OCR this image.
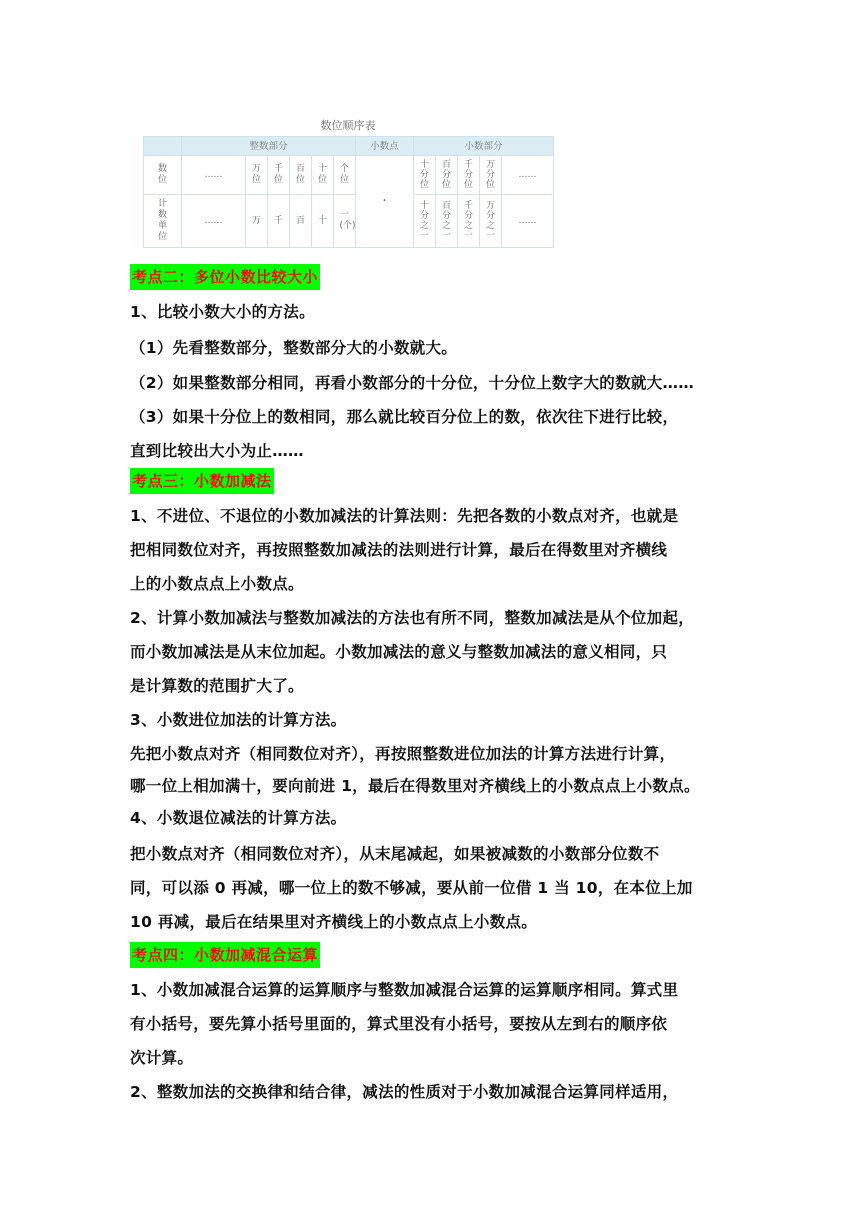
数位顺序表
	整数部分						小数点	小数部分				
数位	……	万位	千位	百位	十位	个位	·	十分位	百分位	千分位	万分位	……
计数单位	……	万	千	百	十	一(个)		十分之一	百分之一	千分之一	万分之一	……
考点二：多位小数比较大小
1、比较小数大小的方法。
（1）先看整数部分，整数部分大的小数就大。
（2）如果整数部分相同，再看小数部分的十分位，十分位上数字大的数就大……
（3）如果十分位上的数相同，那么就比较百分位上的数，依次往下进行比较，
直到比较出大小为止……
考点三：小数加减法
1、不进位、不退位的小数加减法的计算法则：先把各数的小数点对齐，也就是
把相同数位对齐，再按照整数加减法的法则进行计算，最后在得数里对齐横线
上的小数点点上小数点。
2、计算小数加减法与整数加减法的方法也有所不同，整数加减法是从个位加起，
而小数加减法是从末位加起。小数加减法的意义与整数加减法的意义相同，只
是计算数的范围扩大了。
3、小数进位加法的计算方法。
先把小数点对齐（相同数位对齐），再按照整数进位加法的计算方法进行计算，
哪一位上相加满十，要向前进 1，最后在得数里对齐横线上的小数点点上小数点。
4、小数退位减法的计算方法。
把小数点对齐（相同数位对齐），从末尾减起，如果被减数的小数部分位数不
同，可以添 0 再减，哪一位上的数不够减，要从前一位借 1 当 10，在本位上加
10 再减，最后在结果里对齐横线上的小数点点上小数点。
考点四：小数加减混合运算
1、小数加减混合运算的运算顺序与整数加减混合运算的运算顺序相同。算式里
有小括号，要先算小括号里面的，算式里没有小括号，要按从左到右的顺序依
次计算。
2、整数加法的交换律和结合律，减法的性质对于小数加减混合运算同样适用，
